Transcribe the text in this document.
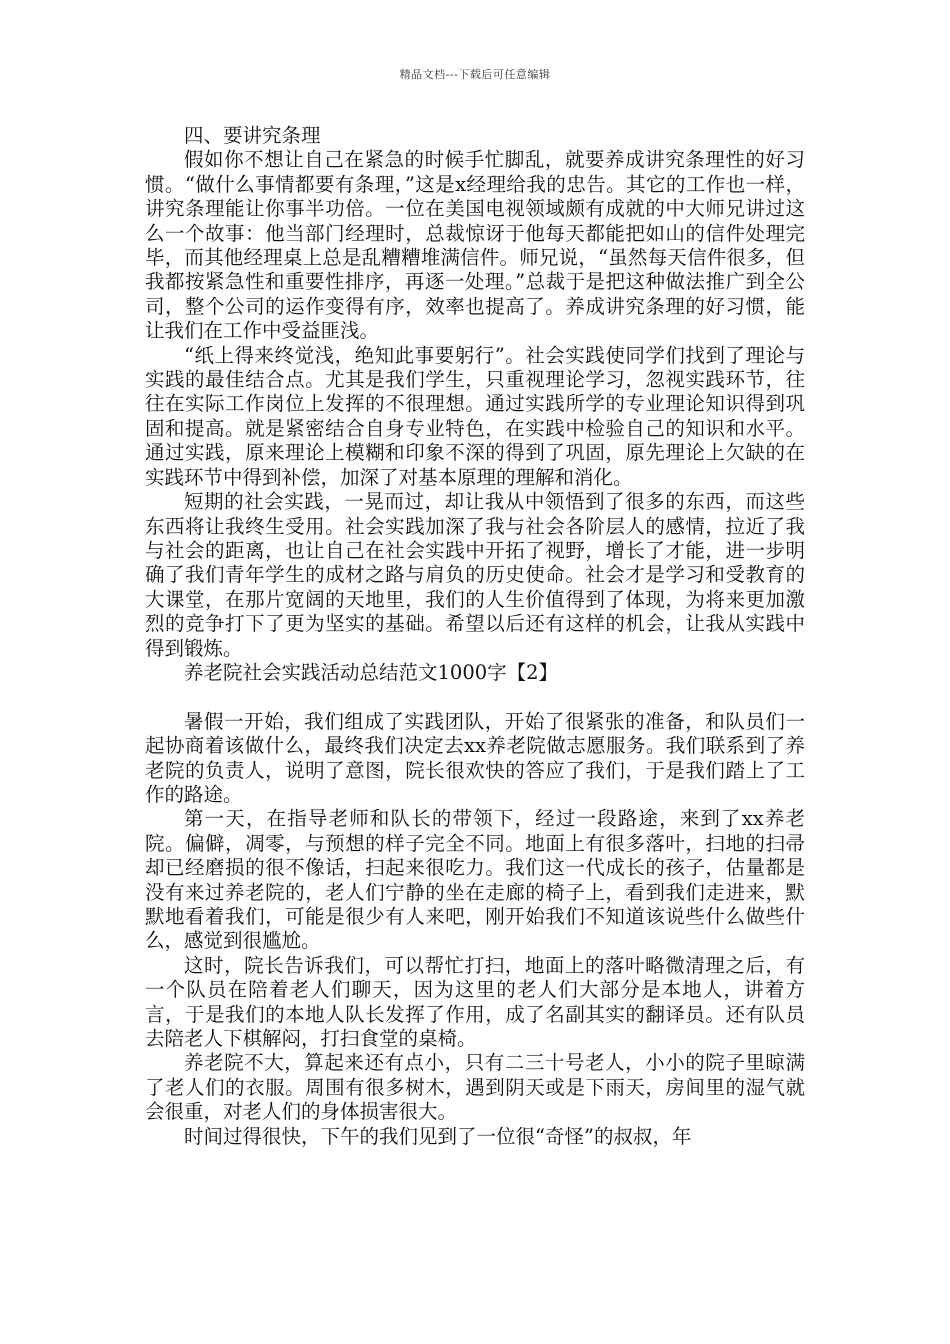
精品文档---下载后可任意编辑

四、要讲究条理

假如你不想让自己在紧急的时候手忙脚乱，就要养成讲究条理性的好习惯。“做什么事情都要有条理，”这是x经理给我的忠告。其它的工作也一样，讲究条理能让你事半功倍。一位在美国电视领域颇有成就的中大师兄讲过这么一个故事：他当部门经理时，总裁惊讶于他每天都能把如山的信件处理完毕，而其他经理桌上总是乱糟糟堆满信件。师兄说，“虽然每天信件很多，但我都按紧急性和重要性排序，再逐一处理。”总裁于是把这种做法推广到全公司，整个公司的运作变得有序，效率也提高了。养成讲究条理的好习惯，能让我们在工作中受益匪浅。

“纸上得来终觉浅，绝知此事要躬行”。社会实践使同学们找到了理论与实践的最佳结合点。尤其是我们学生，只重视理论学习，忽视实践环节，往往在实际工作岗位上发挥的不很理想。通过实践所学的专业理论知识得到巩固和提高。就是紧密结合自身专业特色，在实践中检验自己的知识和水平。通过实践，原来理论上模糊和印象不深的得到了巩固，原先理论上欠缺的在实践环节中得到补偿，加深了对基本原理的理解和消化。

短期的社会实践，一晃而过，却让我从中领悟到了很多的东西，而这些东西将让我终生受用。社会实践加深了我与社会各阶层人的感情，拉近了我与社会的距离，也让自己在社会实践中开拓了视野，增长了才能，进一步明确了我们青年学生的成材之路与肩负的历史使命。社会才是学习和受教育的大课堂，在那片宽阔的天地里，我们的人生价值得到了体现，为将来更加激烈的竞争打下了更为坚实的基础。希望以后还有这样的机会，让我从实践中得到锻炼。

养老院社会实践活动总结范文1000字【2】

暑假一开始，我们组成了实践团队，开始了很紧张的准备，和队员们一起协商着该做什么，最终我们决定去xx养老院做志愿服务。我们联系到了养老院的负责人，说明了意图，院长很欢快的答应了我们，于是我们踏上了工作的路途。

第一天，在指导老师和队长的带领下，经过一段路途，来到了xx养老院。偏僻，凋零，与预想的样子完全不同。地面上有很多落叶，扫地的扫帚却已经磨损的很不像话，扫起来很吃力。我们这一代成长的孩子，估量都是没有来过养老院的，老人们宁静的坐在走廊的椅子上，看到我们走进来，默默地看着我们，可能是很少有人来吧，刚开始我们不知道该说些什么做些什么，感觉到很尴尬。

这时，院长告诉我们，可以帮忙打扫，地面上的落叶略微清理之后，有一个队员在陪着老人们聊天，因为这里的老人们大部分是本地人，讲着方言，于是我们的本地人队长发挥了作用，成了名副其实的翻译员。还有队员去陪老人下棋解闷，打扫食堂的桌椅。

养老院不大，算起来还有点小，只有二三十号老人，小小的院子里晾满了老人们的衣服。周围有很多树木，遇到阴天或是下雨天，房间里的湿气就会很重，对老人们的身体损害很大。

时间过得很快，下午的我们见到了一位很“奇怪”的叔叔，年
